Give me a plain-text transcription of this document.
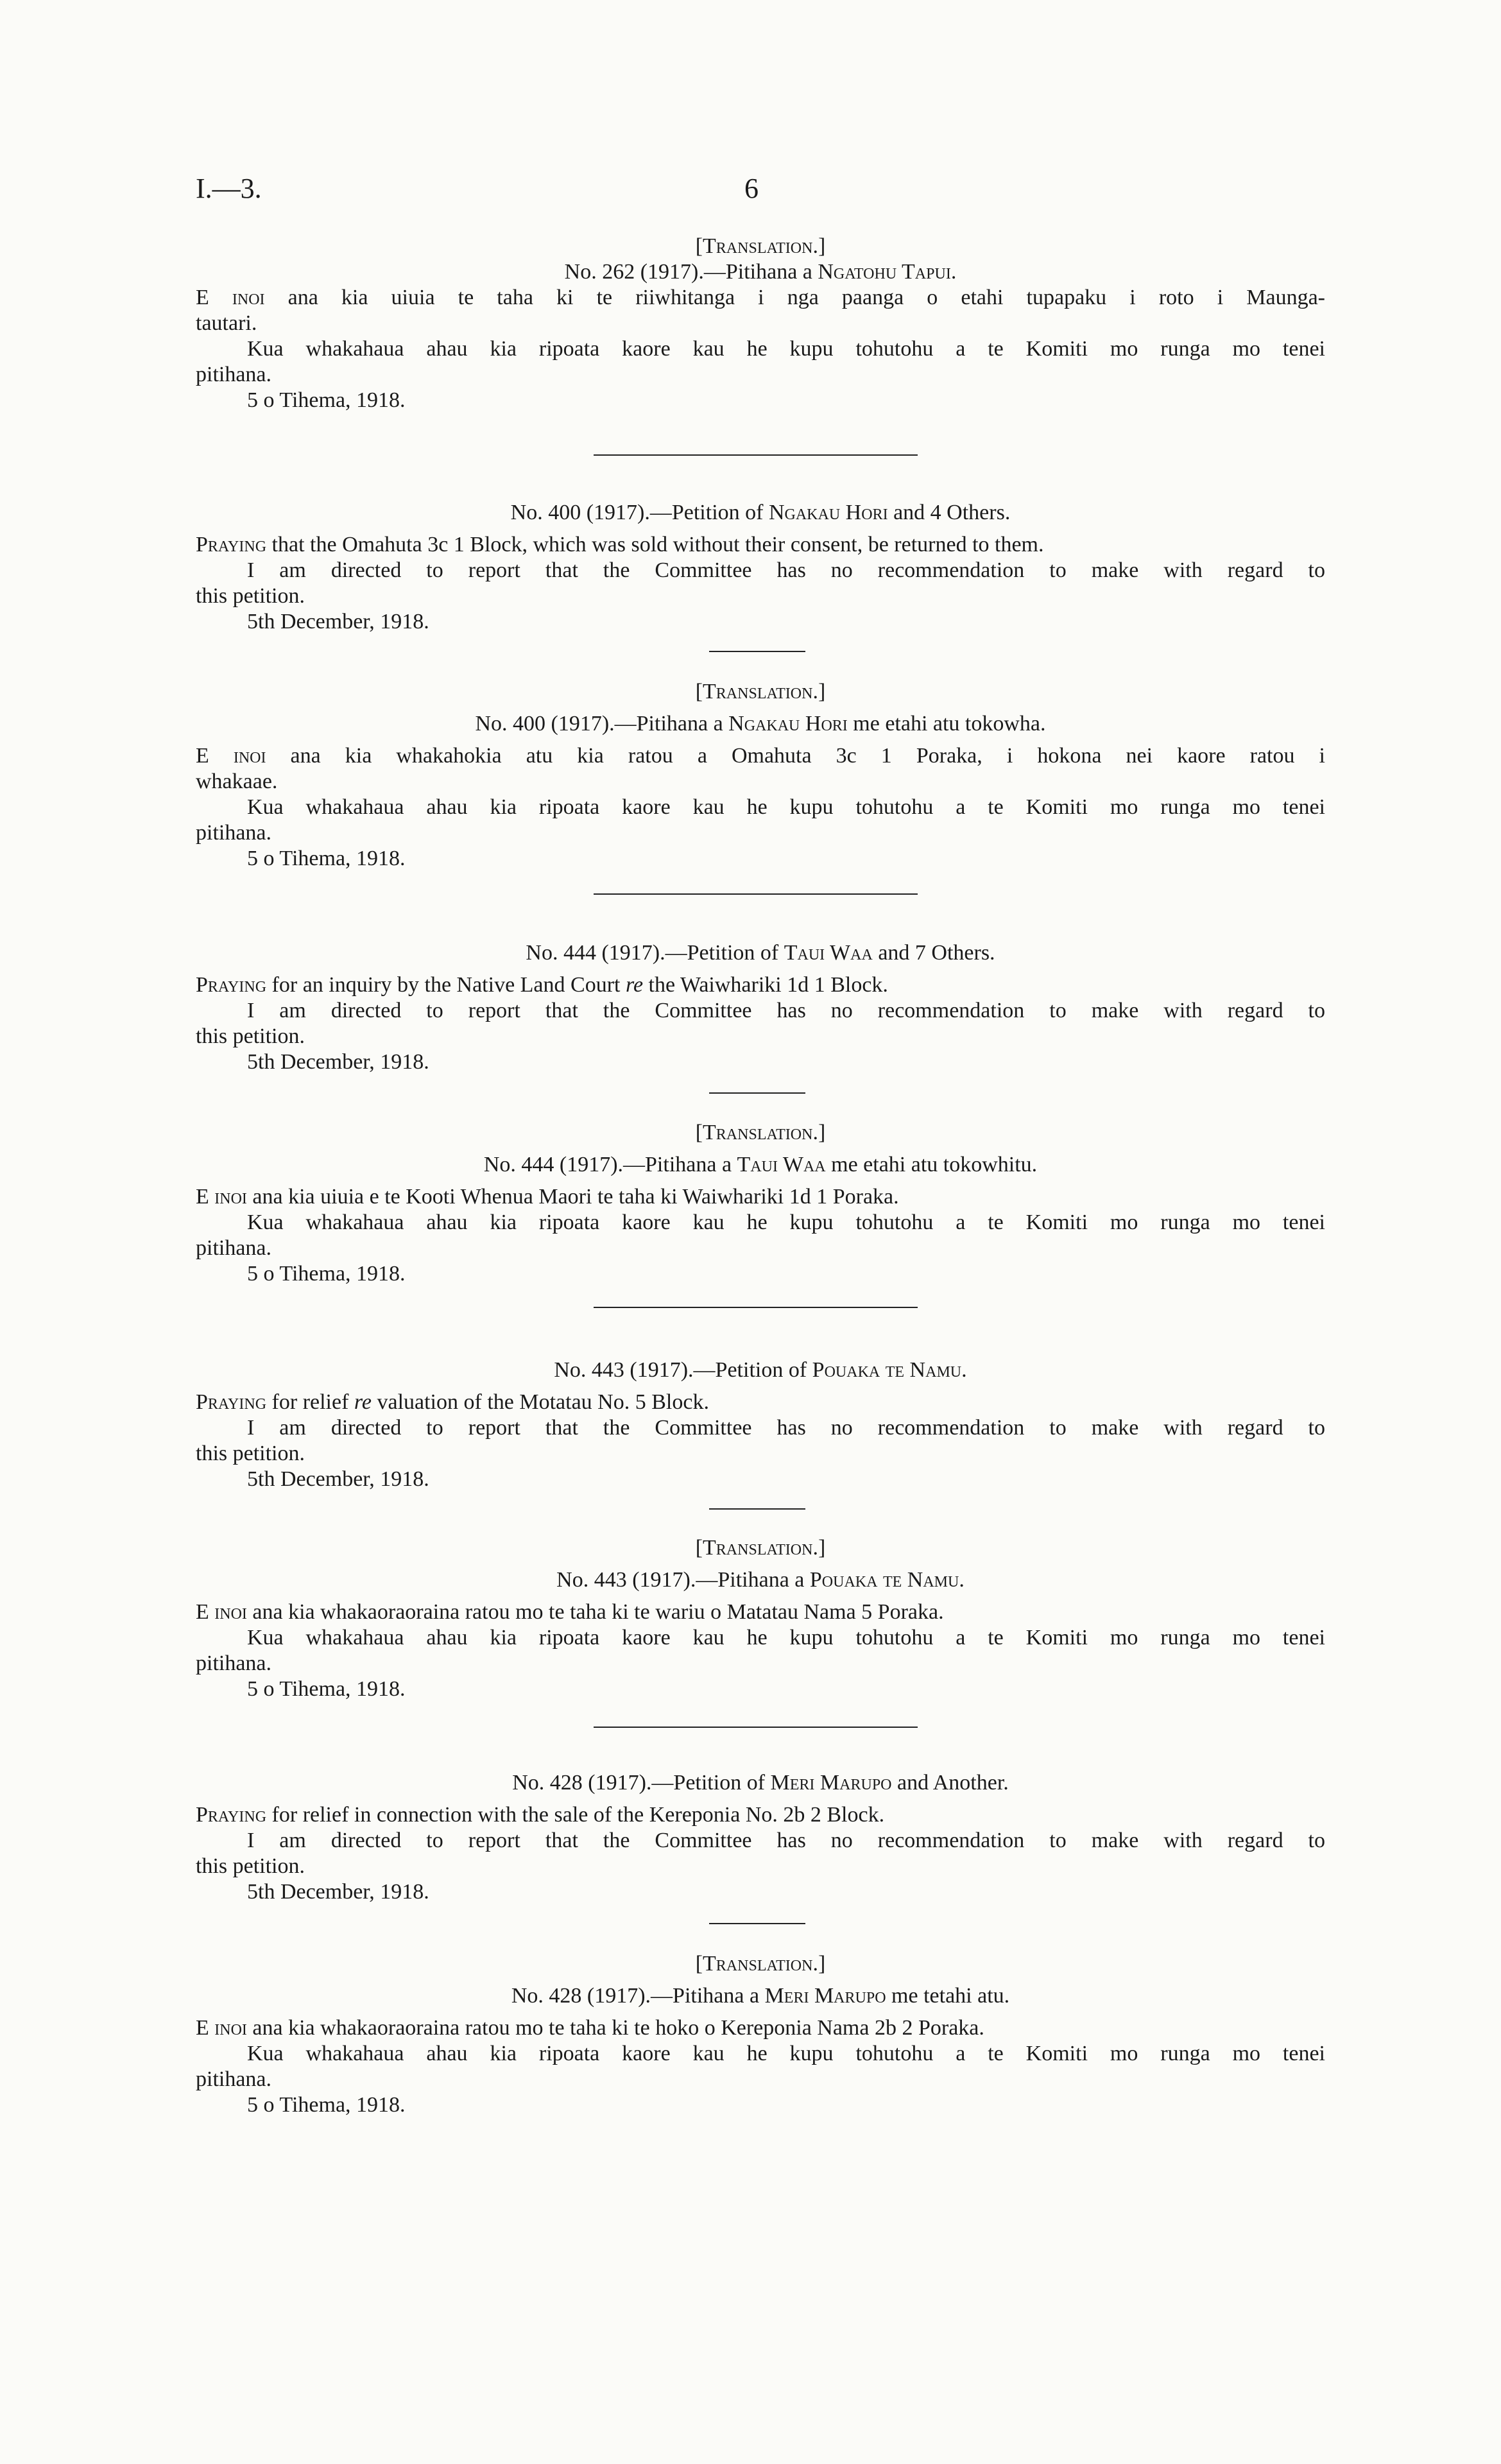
I.—3.	6
[Translation.]
No. 262 (1917).—Pitihana a Ngatohu Tapui.
E inoi ana kia uiuia te taha ki te riiwhitanga i nga paanga o etahi tupapaku i roto i Maunga-
tautari.
Kua whakahaua ahau kia ripoata kaore kau he kupu tohutohu a te Komiti mo runga mo tenei
pitihana.
5 o Tihema, 1918.
No. 400 (1917).—Petition of Ngakau Hori and 4 Others.
Praying that the Omahuta 3c 1 Block, which was sold without their consent, be returned to them.
I am directed to report that the Committee has no recommendation to make with regard to
this petition.
5th December, 1918.
[Translation.]
No. 400 (1917).—Pitihana a Ngakau Hori me etahi atu tokowha.
E inoi ana kia whakahokia atu kia ratou a Omahuta 3c 1 Poraka, i hokona nei kaore ratou i
whakaae.
Kua whakahaua ahau kia ripoata kaore kau he kupu tohutohu a te Komiti mo runga mo tenei
pitihana.
5 o Tihema, 1918.
No. 444 (1917).—Petition of Taui Waa and 7 Others.
Praying for an inquiry by the Native Land Court re the Waiwhariki 1d 1 Block.
I am directed to report that the Committee has no recommendation to make with regard to
this petition.
5th December, 1918.
[Translation.]
No. 444 (1917).—Pitihana a Taui Waa me etahi atu tokowhitu.
E inoi ana kia uiuia e te Kooti Whenua Maori te taha ki Waiwhariki 1d 1 Poraka.
Kua whakahaua ahau kia ripoata kaore kau he kupu tohutohu a te Komiti mo runga mo tenei
pitihana.
5 o Tihema, 1918.
No. 443 (1917).—Petition of Pouaka te Namu.
Praying for relief re valuation of the Motatau No. 5 Block.
I am directed to report that the Committee has no recommendation to make with regard to
this petition.
5th December, 1918.
[Translation.]
No. 443 (1917).—Pitihana a Pouaka te Namu.
E inoi ana kia whakaoraoraina ratou mo te taha ki te wariu o Matatau Nama 5 Poraka.
Kua whakahaua ahau kia ripoata kaore kau he kupu tohutohu a te Komiti mo runga mo tenei
pitihana.
5 o Tihema, 1918.
No. 428 (1917).—Petition of Meri Marupo and Another.
Praying for relief in connection with the sale of the Kereponia No. 2b 2 Block.
I am directed to report that the Committee has no recommendation to make with regard to
this petition.
5th December, 1918.
[Translation.]
No. 428 (1917).—Pitihana a Meri Marupo me tetahi atu.
E inoi ana kia whakaoraoraina ratou mo te taha ki te hoko o Kereponia Nama 2b 2 Poraka.
Kua whakahaua ahau kia ripoata kaore kau he kupu tohutohu a te Komiti mo runga mo tenei
pitihana.
5 o Tihema, 1918.
